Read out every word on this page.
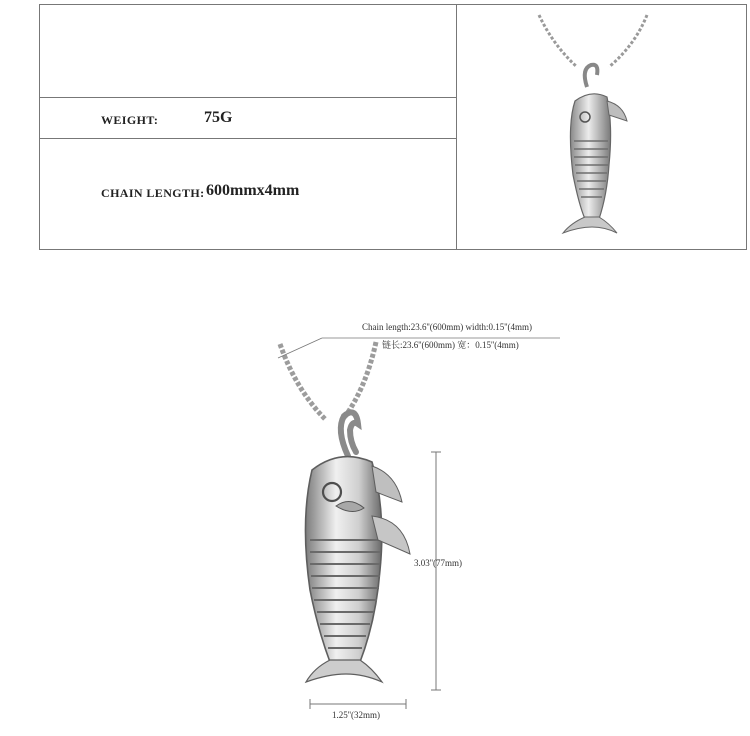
WEIGHT:	75G
CHAIN LENGTH: 600mmx4mm
Chain length:23.6''(600mm) width:0.15''(4mm)
链长:23.6''(600mm) 宽：0.15''(4mm)
3.03''(77mm)
1.25''(32mm)
